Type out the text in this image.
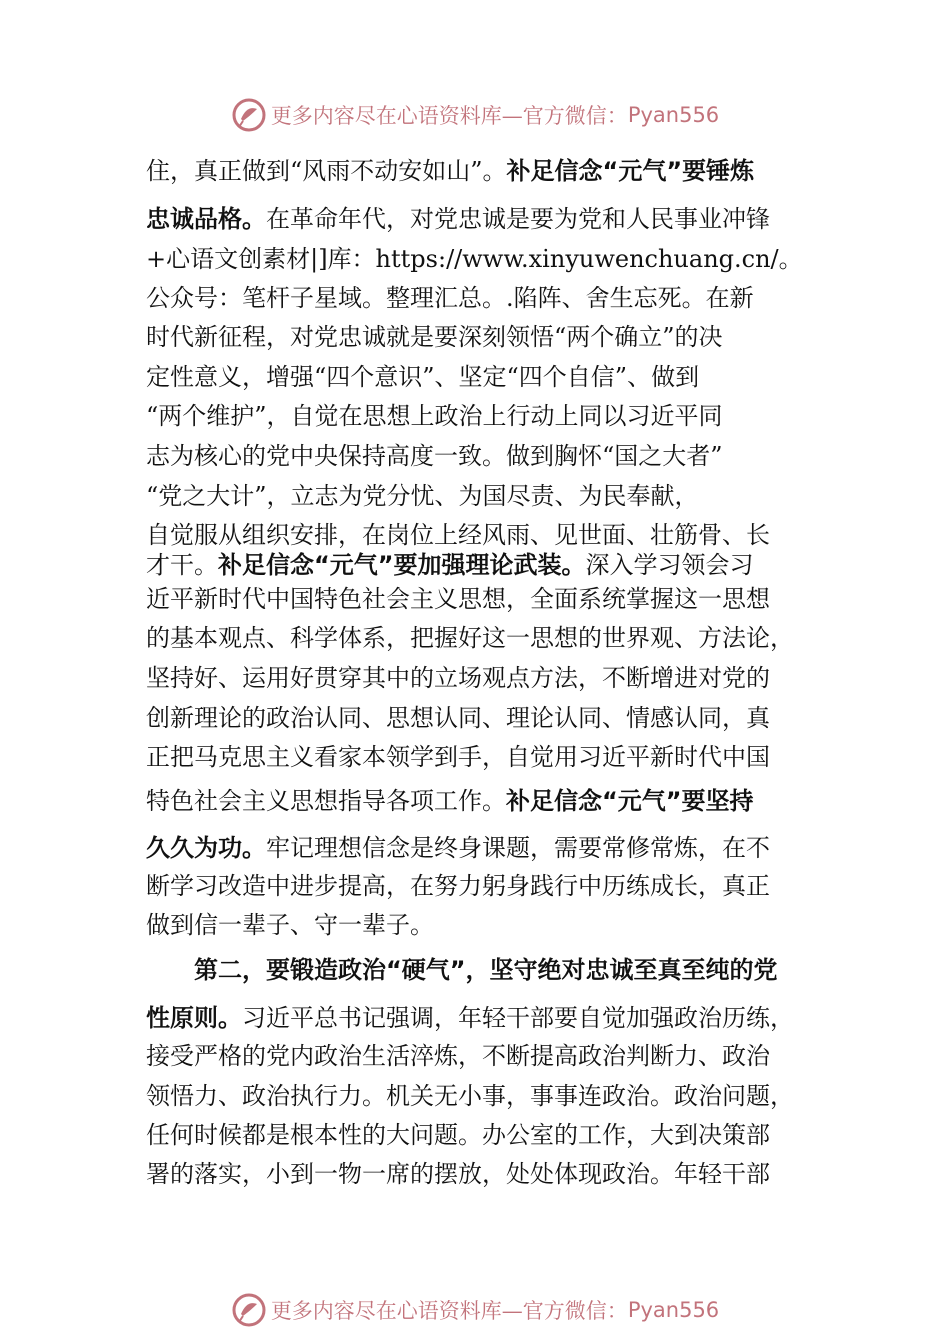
更多内容尽在心语资料库—官方微信： Pyan556
住，真正做到“风雨不动安如山”。补足信念“元气”要锤炼
忠诚品格。在革命年代，对党忠诚是要为党和人民事业冲锋
+心语文创素材|]库：https://www.xinyuwenchuang.cn/。
公众号：笔杆子星域。整理汇总。.陷阵、舍生忘死。在新
时代新征程，对党忠诚就是要深刻领悟“两个确立”的决
定性意义，增强“四个意识”、坚定“四个自信”、做到
“两个维护”，自觉在思想上政治上行动上同以习近平同
志为核心的党中央保持高度一致。做到胸怀“国之大者”
“党之大计”，立志为党分忧、为国尽责、为民奉献，
自觉服从组织安排，在岗位上经风雨、见世面、壮筋骨、长
才干。补足信念“元气”要加强理论武装。深入学习领会习
近平新时代中国特色社会主义思想，全面系统掌握这一思想
的基本观点、科学体系，把握好这一思想的世界观、方法论，
坚持好、运用好贯穿其中的立场观点方法，不断增进对党的
创新理论的政治认同、思想认同、理论认同、情感认同，真
正把马克思主义看家本领学到手，自觉用习近平新时代中国
特色社会主义思想指导各项工作。补足信念“元气”要坚持
久久为功。牢记理想信念是终身课题，需要常修常炼，在不
断学习改造中进步提高，在努力躬身践行中历练成长，真正
做到信一辈子、守一辈子。
第二，要锻造政治“硬气”，坚守绝对忠诚至真至纯的党
性原则。习近平总书记强调，年轻干部要自觉加强政治历练，
接受严格的党内政治生活淬炼，不断提高政治判断力、政治
领悟力、政治执行力。机关无小事，事事连政治。政治问题，
任何时候都是根本性的大问题。办公室的工作，大到决策部
署的落实，小到一物一席的摆放，处处体现政治。年轻干部
更多内容尽在心语资料库—官方微信： Pyan556
